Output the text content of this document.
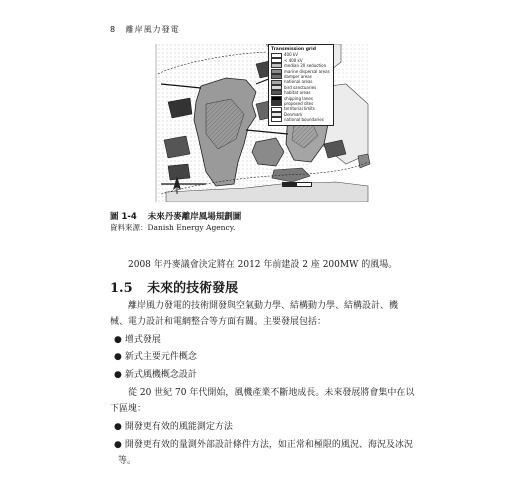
8 離岸風力發電
Transmission grid
400 kV
< 400 kV
median 20 seduction
marine dispersal areas
damper areas
national areas
bird sanctuaries
habitat areas
shipping lanes
proposed sites
territorial limits
Denmark
national boundaries
圖 1-4 未來丹麥離岸風場規劃圖
資料來源：Danish Energy Agency.
2008 年丹麥議會決定將在 2012 年前建設 2 座 200MW 的風場。
1.5 未來的技術發展
離岸風力發電的技術開發與空氣動力學、結構動力學、結構設計、機
械、電力設計和電網整合等方面有關。主要發展包括：
● 增式發展
● 新式主要元件概念
● 新式風機概念設計
從 20 世紀 70 年代開始，風機產業不斷地成長。未來發展將會集中在以
下區塊：
● 開發更有效的風能測定方法
● 開發更有效的量測外部設計條件方法，如正常和極限的風況、海況及冰況
等。
